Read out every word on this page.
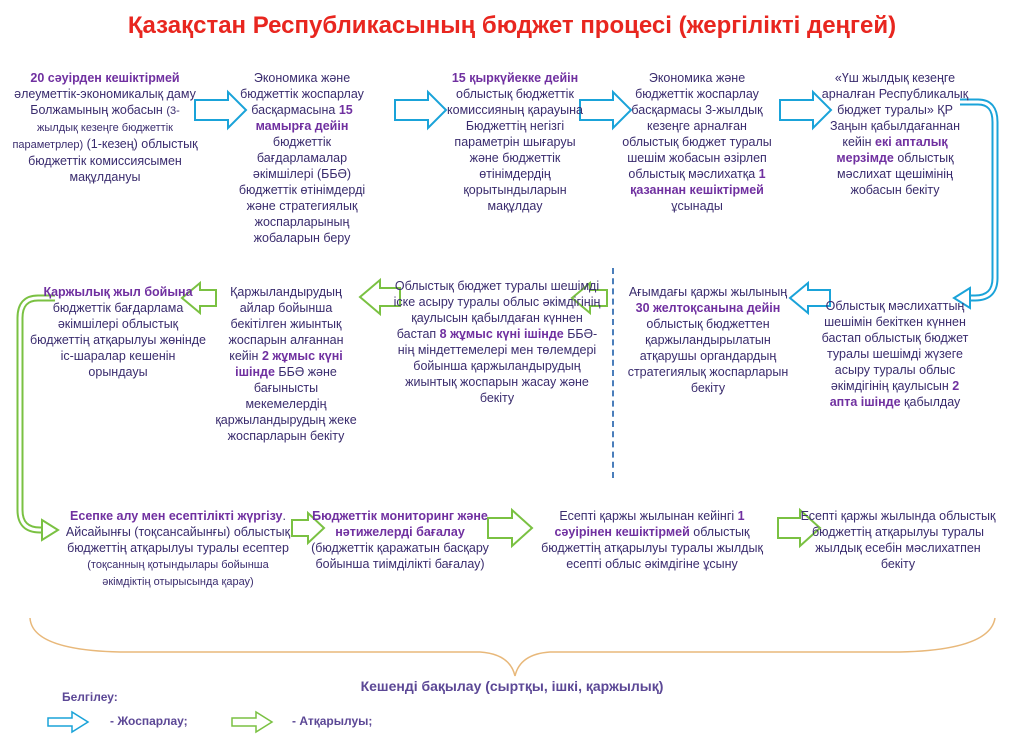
Қазақстан Республикасының бюджет процесі (жергілікті деңгей)
20 сәуірден кешіктірмей әлеуметтік-экономикалық даму Болжамының жобасын (3-жылдық кезеңге бюджеттік параметрлер) (1-кезең) облыстық бюджеттік комиссиясымен мақұлдануы
Экономика және бюджеттік жоспарлау басқармасына 15 мамырға дейін бюджеттік бағдарламалар әкімшілері (ББӘ) бюджеттік өтінімдерді және стратегиялық жоспарларының жобаларын беру
15 қыркүйекке дейін облыстық бюджеттік комиссияның қарауына Бюджеттің негізгі параметрін шығаруы және бюджеттік өтінімдердің қорытындыларын мақұлдау
Экономика және бюджеттік жоспарлау басқармасы 3-жылдық кезеңге арналған облыстық бюджет туралы шешім жобасын әзірлеп облыстық мәслихатқа 1 қазаннан кешіктірмей ұсынады
«Үш жылдық кезеңге арналған Республикалық бюджет туралы» ҚР Заңын қабылдағаннан кейін екі апталық мерзімде облыстық мәслихат щешімінің жобасын бекіту
Облыстық мәслихаттың шешімін бекіткен күннен бастап облыстық бюджет туралы шешімді жүзеге асыру туралы облыс әкімдігінің қаулысын 2 апта ішінде қабылдау
Ағымдағы қаржы жылының 30 желтоқсанына дейін облыстық бюджеттен қаржыландырылатын атқарушы органдардың стратегиялық жоспарларын бекіту
Облыстық бюджет туралы шешімді іске асыру туралы облыс әкімдігінің қаулысын қабылдаған күннен бастап 8 жұмыс күні ішінде ББӘ-нің міндеттемелері мен төлемдері бойынша қаржыландырудың жиынтық жоспарын жасау және бекіту
Қаржыландырудың айлар бойынша бекітілген жиынтық жоспарын алғаннан кейін 2 жұмыс күні ішінде ББӘ және бағынысты мекемелердің қаржыландырудың жеке жоспарларын бекіту
Қаржылық жыл бойына бюджеттік бағдарлама әкімшілері облыстық бюджеттің атқарылуы жөнінде іс-шаралар кешенін орындауы
Есепке алу мен есептілікті жүргізу. Айсайынғы (тоқсансайынғы) облыстық бюджеттің атқарылуы туралы есептер
(тоқсанның қотындылары бойынша әкімдіктің отырысында қарау)
Бюджеттік мониторинг және нәтижелерді бағалау
(бюджеттік қаражатын басқару бойынша тиімділікті бағалау)
Есепті қаржы жылынан кейінгі 1 сәуірінен кешіктірмей облыстық бюджеттің атқарылуы туралы жылдық есепті облыс әкімдігіне ұсыну
Есепті қаржы жылында облыстық бюджеттің атқарылуы туралы жылдық есебін мәслихатпен бекіту
Кешенді бақылау (сыртқы, ішкі, қаржылық)
Белгілеу:
- Жоспарлау;	- Атқарылуы;
